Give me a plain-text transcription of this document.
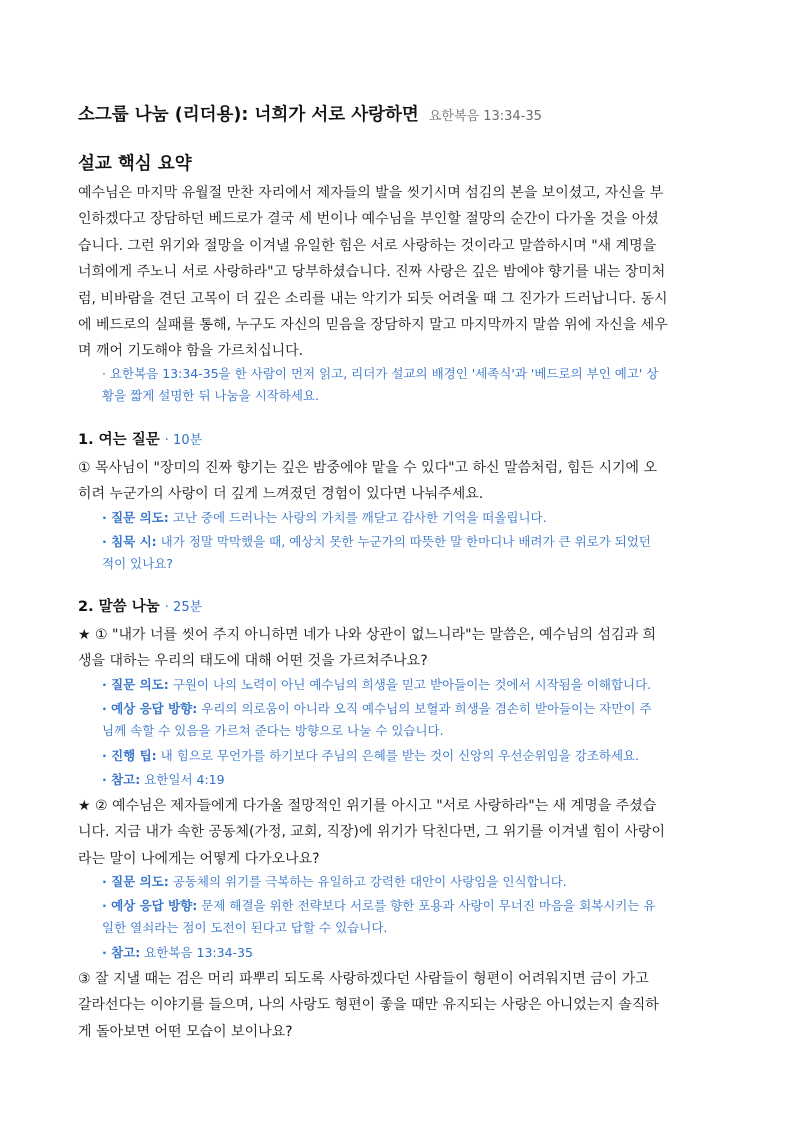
소그룹 나눔 (리더용): 너희가 서로 사랑하면 요한복음 13:34-35
설교 핵심 요약
예수님은 마지막 유월절 만찬 자리에서 제자들의 발을 씻기시며 섬김의 본을 보이셨고, 자신을 부
인하겠다고 장담하던 베드로가 결국 세 번이나 예수님을 부인할 절망의 순간이 다가올 것을 아셨
습니다. 그런 위기와 절망을 이겨낼 유일한 힘은 서로 사랑하는 것이라고 말씀하시며 "새 계명을
너희에게 주노니 서로 사랑하라"고 당부하셨습니다. 진짜 사랑은 깊은 밤에야 향기를 내는 장미처
럼, 비바람을 견딘 고목이 더 깊은 소리를 내는 악기가 되듯 어려울 때 그 진가가 드러납니다. 동시
에 베드로의 실패를 통해, 누구도 자신의 믿음을 장담하지 말고 마지막까지 말씀 위에 자신을 세우
며 깨어 기도해야 함을 가르치십니다.
· 요한복음 13:34-35을 한 사람이 먼저 읽고, 리더가 설교의 배경인 '세족식'과 '베드로의 부인 예고' 상
황을 짧게 설명한 뒤 나눔을 시작하세요.
1. 여는 질문 · 10분
① 목사님이 "장미의 진짜 향기는 깊은 밤중에야 맡을 수 있다"고 하신 말씀처럼, 힘든 시기에 오
히려 누군가의 사랑이 더 깊게 느껴졌던 경험이 있다면 나눠주세요.
· 질문 의도: 고난 중에 드러나는 사랑의 가치를 깨닫고 감사한 기억을 떠올립니다.
· 침묵 시: 내가 정말 막막했을 때, 예상치 못한 누군가의 따뜻한 말 한마디나 배려가 큰 위로가 되었던
적이 있나요?
2. 말씀 나눔 · 25분
★ ① "내가 너를 씻어 주지 아니하면 네가 나와 상관이 없느니라"는 말씀은, 예수님의 섬김과 희
생을 대하는 우리의 태도에 대해 어떤 것을 가르쳐주나요?
· 질문 의도: 구원이 나의 노력이 아닌 예수님의 희생을 믿고 받아들이는 것에서 시작됨을 이해합니다.
· 예상 응답 방향: 우리의 의로움이 아니라 오직 예수님의 보혈과 희생을 겸손히 받아들이는 자만이 주
님께 속할 수 있음을 가르쳐 준다는 방향으로 나눌 수 있습니다.
· 진행 팁: 내 힘으로 무언가를 하기보다 주님의 은혜를 받는 것이 신앙의 우선순위임을 강조하세요.
· 참고: 요한일서 4:19
★ ② 예수님은 제자들에게 다가올 절망적인 위기를 아시고 "서로 사랑하라"는 새 계명을 주셨습
니다. 지금 내가 속한 공동체(가정, 교회, 직장)에 위기가 닥친다면, 그 위기를 이겨낼 힘이 사랑이
라는 말이 나에게는 어떻게 다가오나요?
· 질문 의도: 공동체의 위기를 극복하는 유일하고 강력한 대안이 사랑임을 인식합니다.
· 예상 응답 방향: 문제 해결을 위한 전략보다 서로를 향한 포용과 사랑이 무너진 마음을 회복시키는 유
일한 열쇠라는 점이 도전이 된다고 답할 수 있습니다.
· 참고: 요한복음 13:34-35
③ 잘 지낼 때는 검은 머리 파뿌리 되도록 사랑하겠다던 사람들이 형편이 어려워지면 금이 가고
갈라선다는 이야기를 들으며, 나의 사랑도 형편이 좋을 때만 유지되는 사랑은 아니었는지 솔직하
게 돌아보면 어떤 모습이 보이나요?
